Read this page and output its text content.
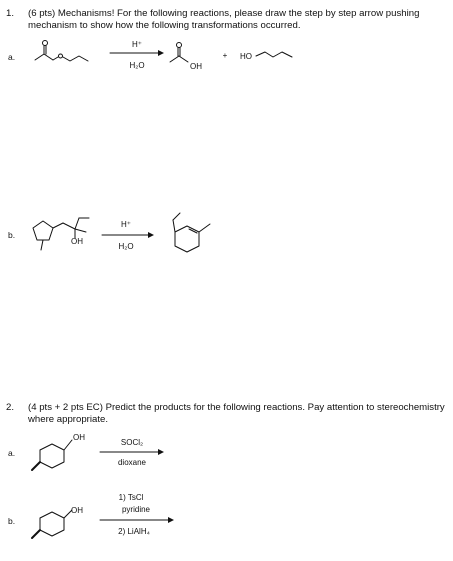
1. (6 pts) Mechanisms! For the following reactions, please draw the step by step arrow pushing
mechanism to show how the following transformations occurred.
a.
H⁺
H₂O	OH
+ HO
b.
OH
H⁺
H₂O
2. (4 pts + 2 pts EC) Predict the products for the following reactions. Pay attention to stereochemistry
where appropriate.
a.
OH
SOCl₂
dioxane
b.
OH
1) TsCl
pyridine
2) LiAlH₄
